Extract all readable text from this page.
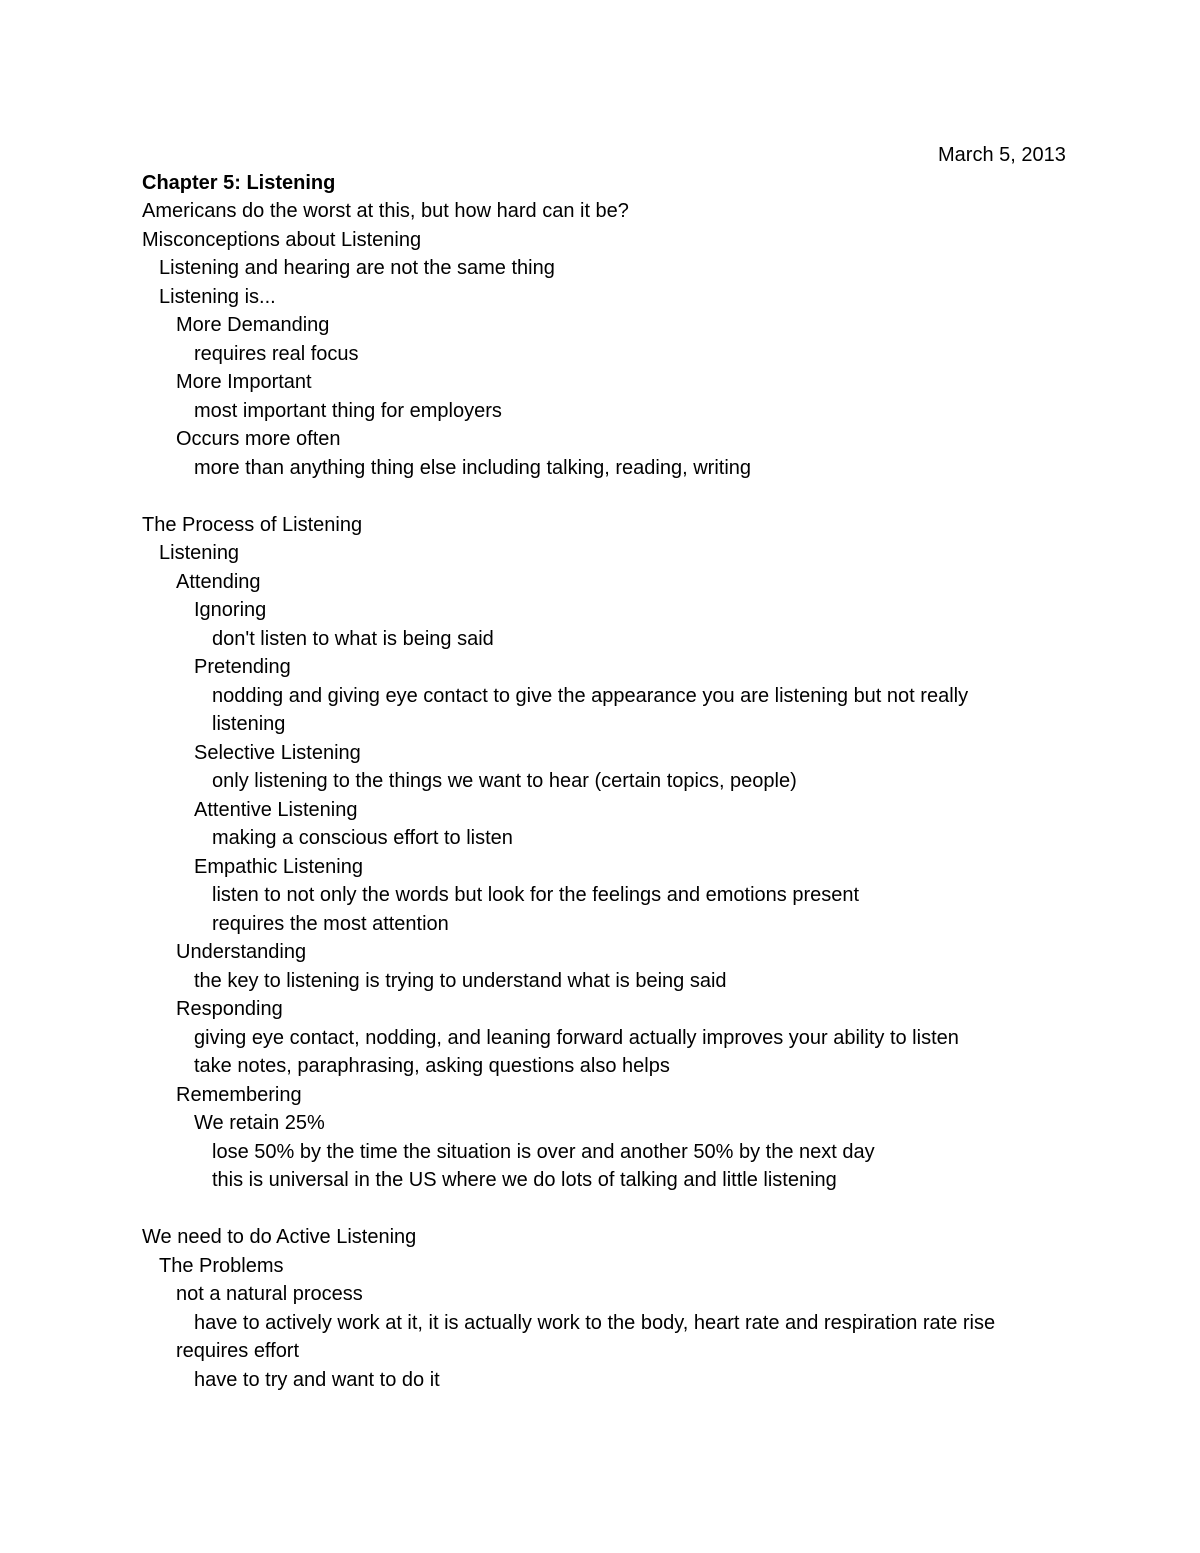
March 5, 2013
Chapter 5: Listening
Americans do the worst at this, but how hard can it be?
Misconceptions about Listening
Listening and hearing are not the same thing
Listening is...
More Demanding
requires real focus
More Important
most important thing for employers
Occurs more often
more than anything thing else including talking, reading, writing
The Process of Listening
Listening
Attending
Ignoring
don't listen to what is being said
Pretending
nodding and giving eye contact to give the appearance you are listening but not really listening
Selective Listening
only listening to the things we want to hear (certain topics, people)
Attentive Listening
making a conscious effort to listen
Empathic Listening
listen to not only the words but look for the feelings and emotions present
requires the most attention
Understanding
the key to listening is trying to understand what is being said
Responding
giving eye contact, nodding, and leaning forward actually improves your ability to listen
take notes, paraphrasing, asking questions also helps
Remembering
We retain 25%
lose 50% by the time the situation is over and another 50% by the next day
this is universal in the US where we do lots of talking and little listening
We need to do Active Listening
The Problems
not a natural process
have to actively work at it, it is actually work to the body, heart rate and respiration rate rise
requires effort
have to try and want to do it
